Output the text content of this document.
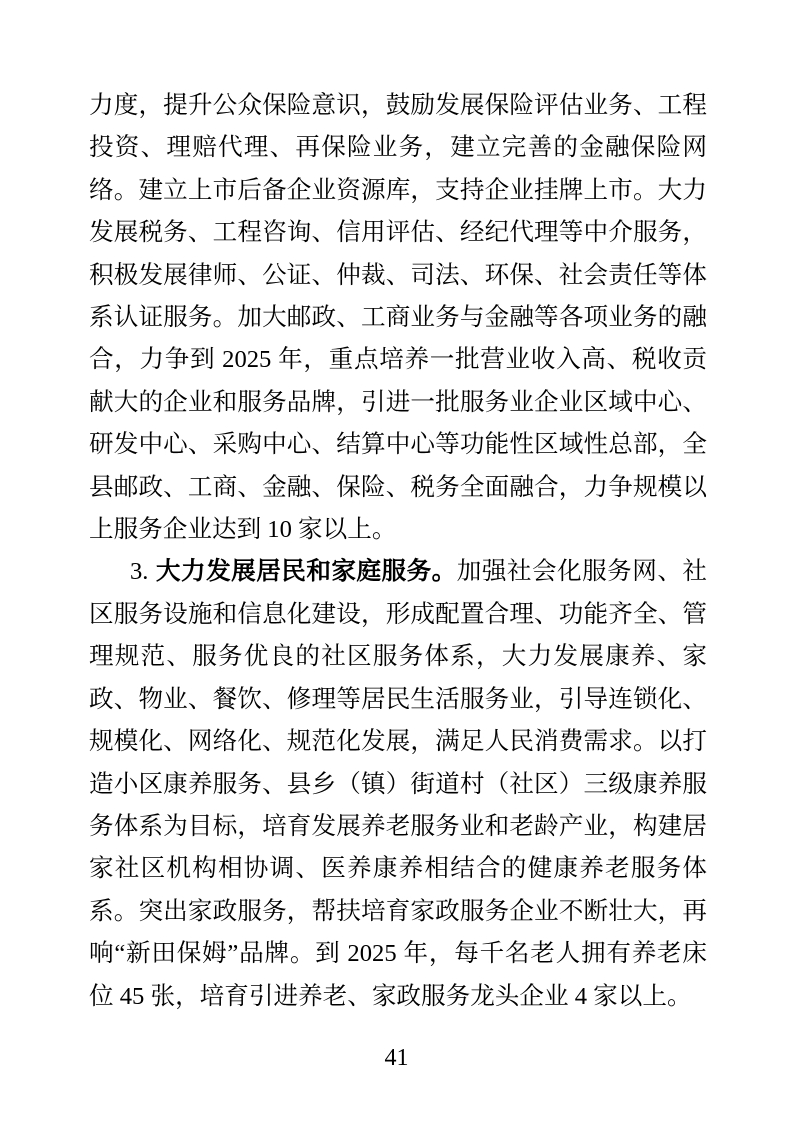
力度，提升公众保险意识，鼓励发展保险评估业务、工程投资、理赔代理、再保险业务，建立完善的金融保险网络。建立上市后备企业资源库，支持企业挂牌上市。大力发展税务、工程咨询、信用评估、经纪代理等中介服务，积极发展律师、公证、仲裁、司法、环保、社会责任等体系认证服务。加大邮政、工商业务与金融等各项业务的融合，力争到 2025 年，重点培养一批营业收入高、税收贡献大的企业和服务品牌，引进一批服务业企业区域中心、研发中心、采购中心、结算中心等功能性区域性总部，全县邮政、工商、金融、保险、税务全面融合，力争规模以上服务企业达到 10 家以上。

3. 大力发展居民和家庭服务。加强社会化服务网、社区服务设施和信息化建设，形成配置合理、功能齐全、管理规范、服务优良的社区服务体系，大力发展康养、家政、物业、餐饮、修理等居民生活服务业，引导连锁化、规模化、网络化、规范化发展，满足人民消费需求。以打造小区康养服务、县乡（镇）街道村（社区）三级康养服务体系为目标，培育发展养老服务业和老龄产业，构建居家社区机构相协调、医养康养相结合的健康养老服务体系。突出家政服务，帮扶培育家政服务企业不断壮大，再响“新田保姆”品牌。到 2025 年，每千名老人拥有养老床位 45 张，培育引进养老、家政服务龙头企业 4 家以上。

41
